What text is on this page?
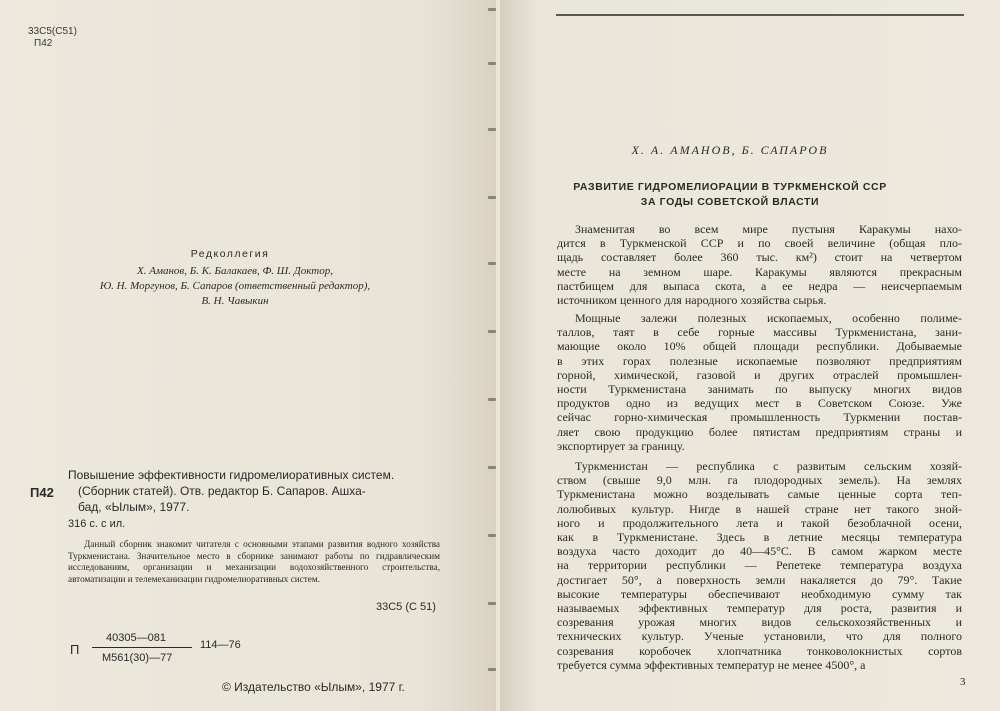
33С5(С51)
П42
Редколлегия
Х. Аманов, Б. К. Балакаев, Ф. Ш. Доктор,
Ю. Н. Моргунов, Б. Сапаров (ответственный редактор),
В. Н. Чавыкин
Повышение эффективности гидромелиоративных систем.
(Сборник статей). Отв. редактор Б. Сапаров. Ашха-
бад, «Ылым», 1977.
П42
316 с. с ил.
Данный сборник знакомит читателя с основными этапами развития водного хозяйства Туркменистана. Значительное место в сборнике занимают работы по гидравлическим исследованиям, организации и механизации водохозяйственного строительства, автоматизации и телемеханизации гидромелиоративных систем.
33С5 (С 51)
П
40305—081
М561(30)—77
114—76
© Издательство «Ылым», 1977 г.
Х. А. АМАНОВ, Б. САПАРОВ
РАЗВИТИЕ ГИДРОМЕЛИОРАЦИИ В ТУРКМЕНСКОЙ ССР
ЗА ГОДЫ СОВЕТСКОЙ ВЛАСТИ
Знаменитая во всем мире пустыня Каракумы нахо-
дится в Туркменской ССР и по своей величине (общая пло-
щадь составляет более 360 тыс. км²) стоит на четвертом
месте на земном шаре. Каракумы являются прекрасным
пастбищем для выпаса скота, а ее недра — неисчерпаемым
источником ценного для народного хозяйства сырья.
Мощные залежи полезных ископаемых, особенно полиме-
таллов, таят в себе горные массивы Туркменистана, зани-
мающие около 10% общей площади республики. Добываемые
в этих горах полезные ископаемые позволяют предприятиям
горной, химической, газовой и других отраслей промышлен-
ности Туркменистана занимать по выпуску многих видов
продуктов одно из ведущих мест в Советском Союзе. Уже
сейчас горно-химическая промышленность Туркмении постав-
ляет свою продукцию более пятистам предприятиям страны и
экспортирует за границу.
Туркменистан — республика с развитым сельским хозяй-
ством (свыше 9,0 млн. га плодородных земель). На землях
Туркменистана можно возделывать самые ценные сорта теп-
лолюбивых культур. Нигде в нашей стране нет такого зной-
ного и продолжительного лета и такой безоблачной осени,
как в Туркменистане. Здесь в летние месяцы температура
воздуха часто доходит до 40—45°С. В самом жарком месте
на территории республики — Репетеке температура воздуха
достигает 50°, а поверхность земли накаляется до 79°. Такие
высокие температуры обеспечивают необходимую сумму так
называемых эффективных температур для роста, развития и
созревания урожая многих видов сельскохозяйственных и
технических культур. Ученые установили, что для полного
созревания коробочек хлопчатника тонковолокнистых сортов
требуется сумма эффективных температур не менее 4500°, а
3
